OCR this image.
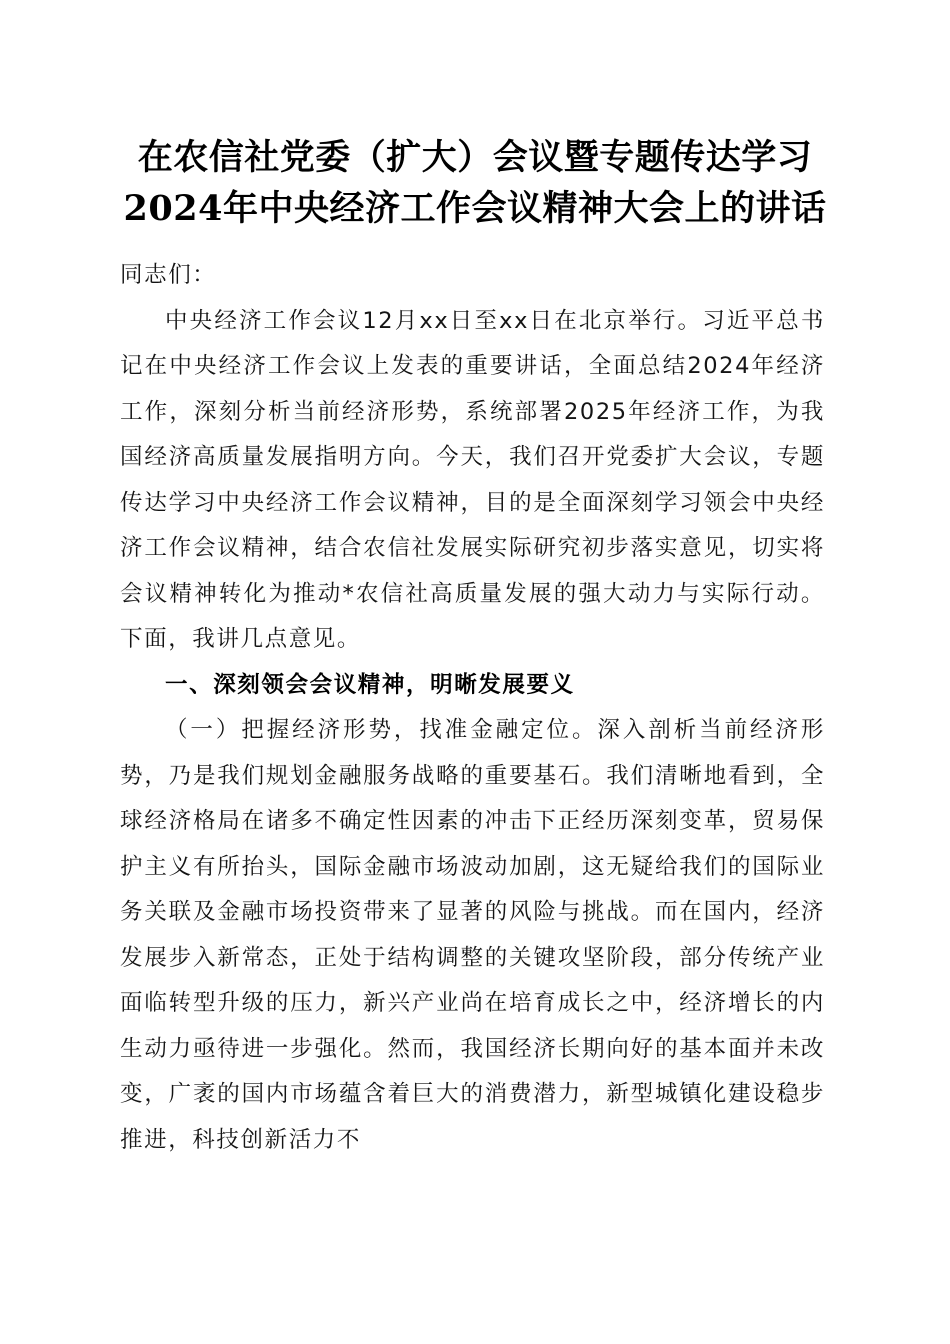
在农信社党委（扩大）会议暨专题传达学习
2024年中央经济工作会议精神大会上的讲话

同志们：

中央经济工作会议12月xx日至xx日在北京举行。习近平总书记在中央经济工作会议上发表的重要讲话，全面总结2024年经济工作，深刻分析当前经济形势，系统部署2025年经济工作，为我国经济高质量发展指明方向。今天，我们召开党委扩大会议，专题传达学习中央经济工作会议精神，目的是全面深刻学习领会中央经济工作会议精神，结合农信社发展实际研究初步落实意见，切实将会议精神转化为推动*农信社高质量发展的强大动力与实际行动。下面，我讲几点意见。

一、深刻领会会议精神，明晰发展要义

（一）把握经济形势，找准金融定位。深入剖析当前经济形势，乃是我们规划金融服务战略的重要基石。我们清晰地看到，全球经济格局在诸多不确定性因素的冲击下正经历深刻变革，贸易保护主义有所抬头，国际金融市场波动加剧，这无疑给我们的国际业务关联及金融市场投资带来了显著的风险与挑战。而在国内，经济发展步入新常态，正处于结构调整的关键攻坚阶段，部分传统产业面临转型升级的压力，新兴产业尚在培育成长之中，经济增长的内生动力亟待进一步强化。然而，我国经济长期向好的基本面并未改变，广袤的国内市场蕴含着巨大的消费潜力，新型城镇化建设稳步推进，科技创新活力不
